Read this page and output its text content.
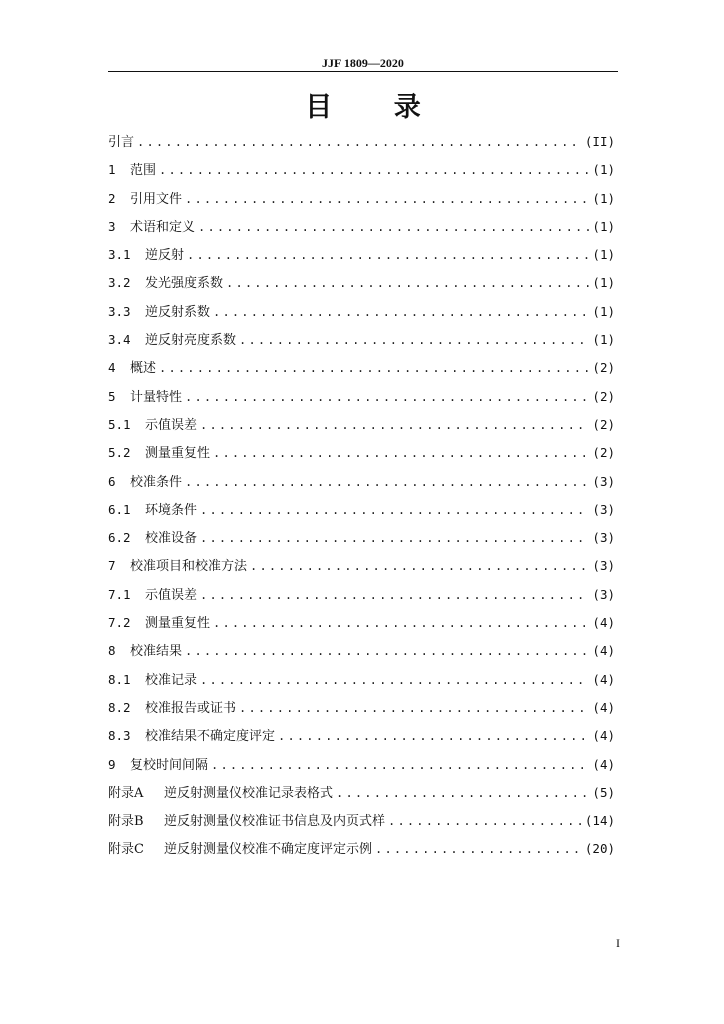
JJF 1809—2020
目 录
引言 .....	(II)
1	范围 .....	(1)
2	引用文件 .....	(1)
3	术语和定义 .....	(1)
3.1	逆反射 .....	(1)
3.2	发光强度系数 .....	(1)
3.3	逆反射系数 .....	(1)
3.4	逆反射亮度系数 .....	(1)
4	概述 .....	(2)
5	计量特性 .....	(2)
5.1	示值误差 .....	(2)
5.2	测量重复性 .....	(2)
6	校准条件 .....	(3)
6.1	环境条件 .....	(3)
6.2	校准设备 .....	(3)
7	校准项目和校准方法 .....	(3)
7.1	示值误差 .....	(3)
7.2	测量重复性 .....	(4)
8	校准结果 .....	(4)
8.1	校准记录 .....	(4)
8.2	校准报告或证书 .....	(4)
8.3	校准结果不确定度评定 .....	(4)
9	复校时间间隔 .....	(4)
附录A	逆反射测量仪校准记录表格式 .....	(5)
附录B	逆反射测量仪校准证书信息及内页式样 .....	(14)
附录C	逆反射测量仪校准不确定度评定示例 .....	(20)
I
